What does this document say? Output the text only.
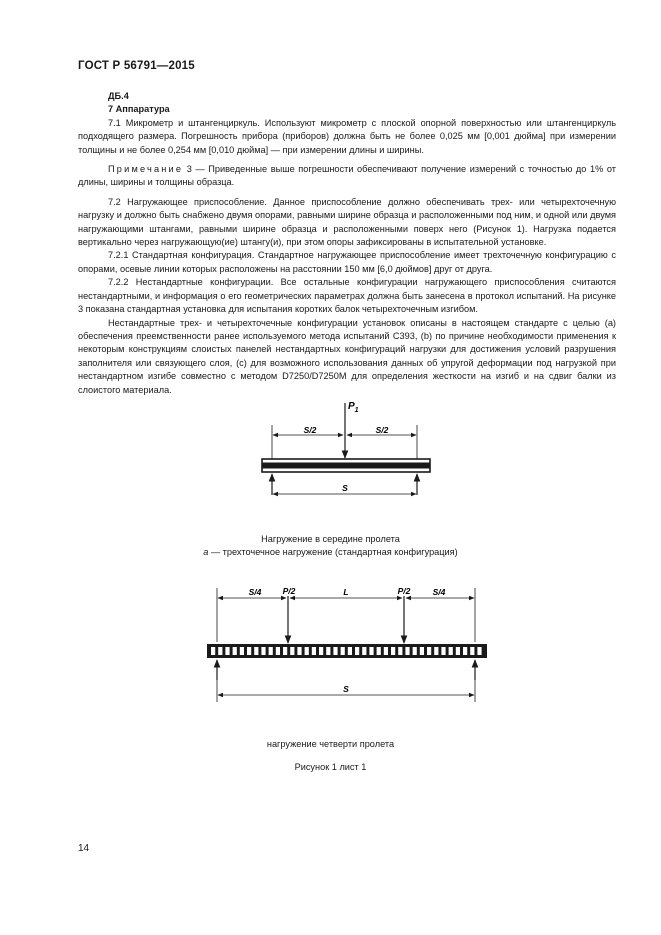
ГОСТ Р 56791—2015
ДБ.4
7 Аппаратура

7.1 Микрометр и штангенциркуль. Используют микрометр с плоской опорной поверхностью или штангенциркуль подходящего размера. Погрешность прибора (приборов) должна быть не более 0,025 мм [0,001 дюйма] при измерении толщины и не более 0,254 мм [0,010 дюйма] — при измерении длины и ширины.

Примечание 3 — Приведенные выше погрешности обеспечивают получение измерений с точностью до 1% от длины, ширины и толщины образца.

7.2 Нагружающее приспособление. Данное приспособление должно обеспечивать трех- или четырехточечную нагрузку и должно быть снабжено двумя опорами, равными ширине образца и расположенными под ним, и одной или двумя нагружающими штангами, равными ширине образца и расположенными поверх него (Рисунок 1). Нагрузка подается вертикально через нагружающую(ие) штангу(и), при этом опоры зафиксированы в испытательной установке.

7.2.1 Стандартная конфигурация. Стандартное нагружающее приспособление имеет трехточечную конфигурацию с опорами, осевые линии которых расположены на расстоянии 150 мм [6,0 дюймов] друг от друга.

7.2.2 Нестандартные конфигурации. Все остальные конфигурации нагружающего приспособления считаются нестандартными, и информация о его геометрических параметрах должна быть занесена в протокол испытаний. На рисунке 3 показана стандартная установка для испытания коротких балок четырехточечным изгибом.

Нестандартные трех- и четырехточечные конфигурации установок описаны в настоящем стандарте с целью (a) обеспечения преемственности ранее используемого метода испытаний C393, (b) по причине необходимости применения к некоторым конструкциям слоистых панелей нестандартных конфигураций нагрузки для достижения условий разрушения заполнителя или связующего слоя, (c) для возможного использования данных об упругой деформации под нагрузкой при нестандартном изгибе совместно с методом D7250/D7250M для определения жесткости на изгиб и на сдвиг балки из слоистого материала.

$P_1$
S/2	S/2
S
Нагружение в середине пролета
а — трехточечное нагружение (стандартная конфигурация)
S/4 P/2	L	P/2	S/4
S
нагружение четверти пролета
Рисунок 1 лист 1
14
